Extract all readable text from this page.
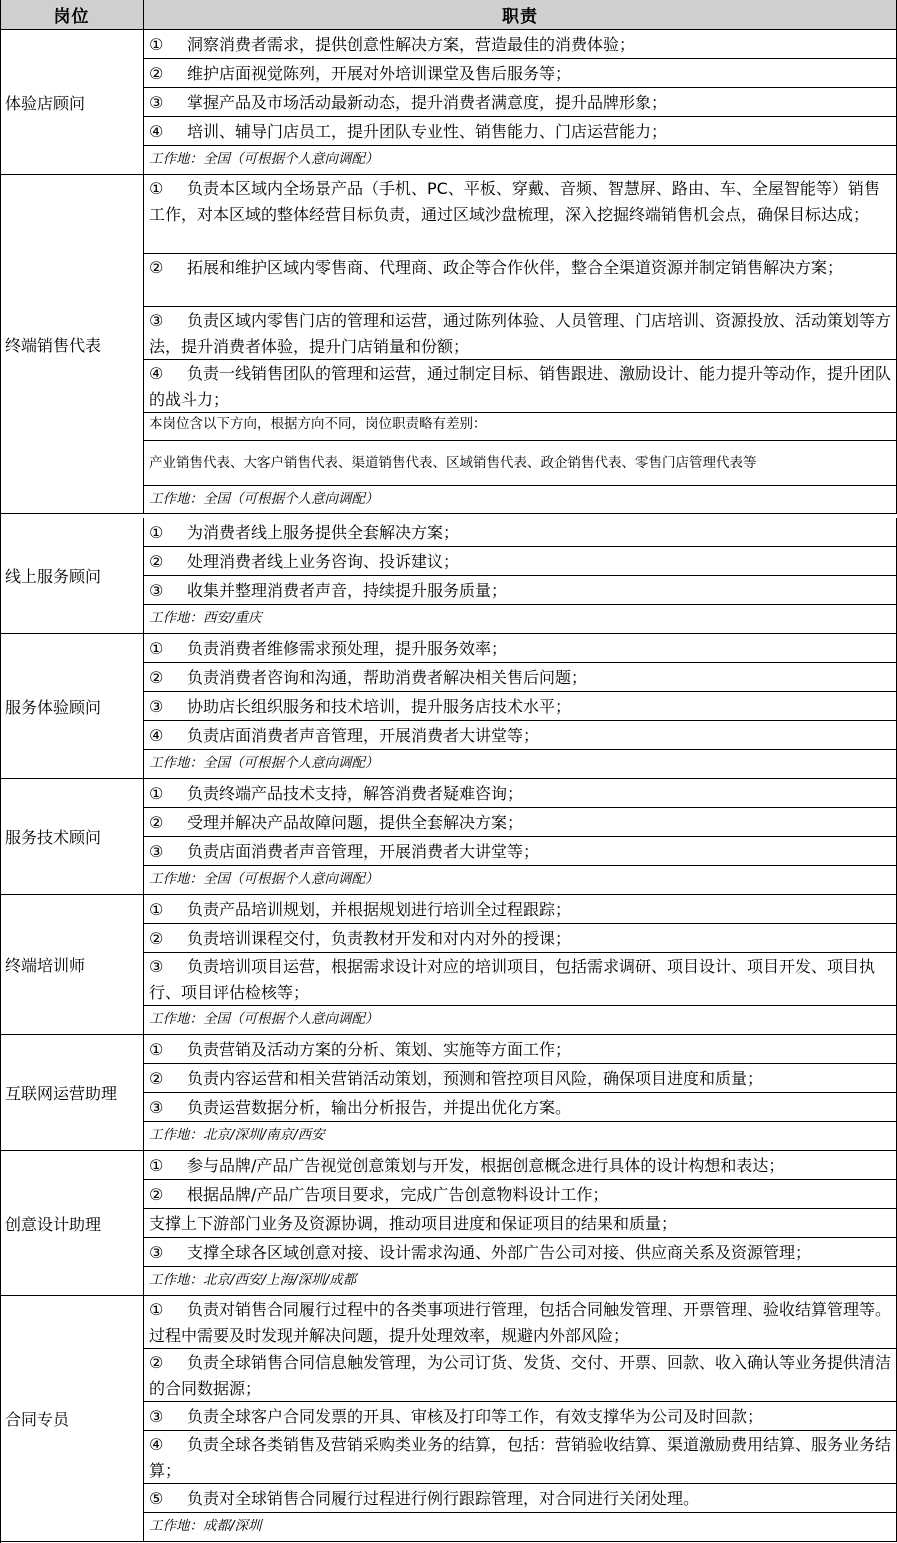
岗位	职责
体验店顾问
① 洞察消费者需求，提供创意性解决方案，营造最佳的消费体验；
② 维护店面视觉陈列，开展对外培训课堂及售后服务等；
③ 掌握产品及市场活动最新动态，提升消费者满意度，提升品牌形象；
④ 培训、辅导门店员工，提升团队专业性、销售能力、门店运营能力；
工作地：全国（可根据个人意向调配）
终端销售代表
① 负责本区域内全场景产品（手机、PC、平板、穿戴、音频、智慧屏、路由、车、全屋智能等）销售工作，对本区域的整体经营目标负责，通过区域沙盘梳理，深入挖掘终端销售机会点，确保目标达成；
② 拓展和维护区域内零售商、代理商、政企等合作伙伴，整合全渠道资源并制定销售解决方案；
③ 负责区域内零售门店的管理和运营，通过陈列体验、人员管理、门店培训、资源投放、活动策划等方法，提升消费者体验，提升门店销量和份额；
④ 负责一线销售团队的管理和运营，通过制定目标、销售跟进、激励设计、能力提升等动作，提升团队的战斗力；
本岗位含以下方向，根据方向不同，岗位职责略有差别：
产业销售代表、大客户销售代表、渠道销售代表、区域销售代表、政企销售代表、零售门店管理代表等
工作地：全国（可根据个人意向调配）
线上服务顾问
① 为消费者线上服务提供全套解决方案；
② 处理消费者线上业务咨询、投诉建议；
③ 收集并整理消费者声音，持续提升服务质量；
工作地：西安/重庆
服务体验顾问
① 负责消费者维修需求预处理，提升服务效率；
② 负责消费者咨询和沟通，帮助消费者解决相关售后问题；
③ 协助店长组织服务和技术培训，提升服务店技术水平；
④ 负责店面消费者声音管理，开展消费者大讲堂等；
工作地：全国（可根据个人意向调配）
服务技术顾问
① 负责终端产品技术支持，解答消费者疑难咨询；
② 受理并解决产品故障问题，提供全套解决方案；
③ 负责店面消费者声音管理，开展消费者大讲堂等；
工作地：全国（可根据个人意向调配）
终端培训师
① 负责产品培训规划，并根据规划进行培训全过程跟踪；
② 负责培训课程交付，负责教材开发和对内对外的授课；
③ 负责培训项目运营，根据需求设计对应的培训项目，包括需求调研、项目设计、项目开发、项目执行、项目评估检核等；
工作地：全国（可根据个人意向调配）
互联网运营助理
① 负责营销及活动方案的分析、策划、实施等方面工作；
② 负责内容运营和相关营销活动策划，预测和管控项目风险，确保项目进度和质量；
③ 负责运营数据分析，输出分析报告，并提出优化方案。
工作地：北京/深圳/南京/西安
创意设计助理
① 参与品牌/产品广告视觉创意策划与开发，根据创意概念进行具体的设计构想和表达；
② 根据品牌/产品广告项目要求，完成广告创意物料设计工作；
支撑上下游部门业务及资源协调，推动项目进度和保证项目的结果和质量；
③ 支撑全球各区域创意对接、设计需求沟通、外部广告公司对接、供应商关系及资源管理；
工作地：北京/西安/上海/深圳/成都
合同专员
① 负责对销售合同履行过程中的各类事项进行管理，包括合同触发管理、开票管理、验收结算管理等。过程中需要及时发现并解决问题，提升处理效率，规避内外部风险；
② 负责全球销售合同信息触发管理，为公司订货、发货、交付、开票、回款、收入确认等业务提供清洁的合同数据源；
③ 负责全球客户合同发票的开具、审核及打印等工作，有效支撑华为公司及时回款；
④ 负责全球各类销售及营销采购类业务的结算，包括：营销验收结算、渠道激励费用结算、服务业务结算；
⑤ 负责对全球销售合同履行过程进行例行跟踪管理，对合同进行关闭处理。
工作地：成都/深圳
